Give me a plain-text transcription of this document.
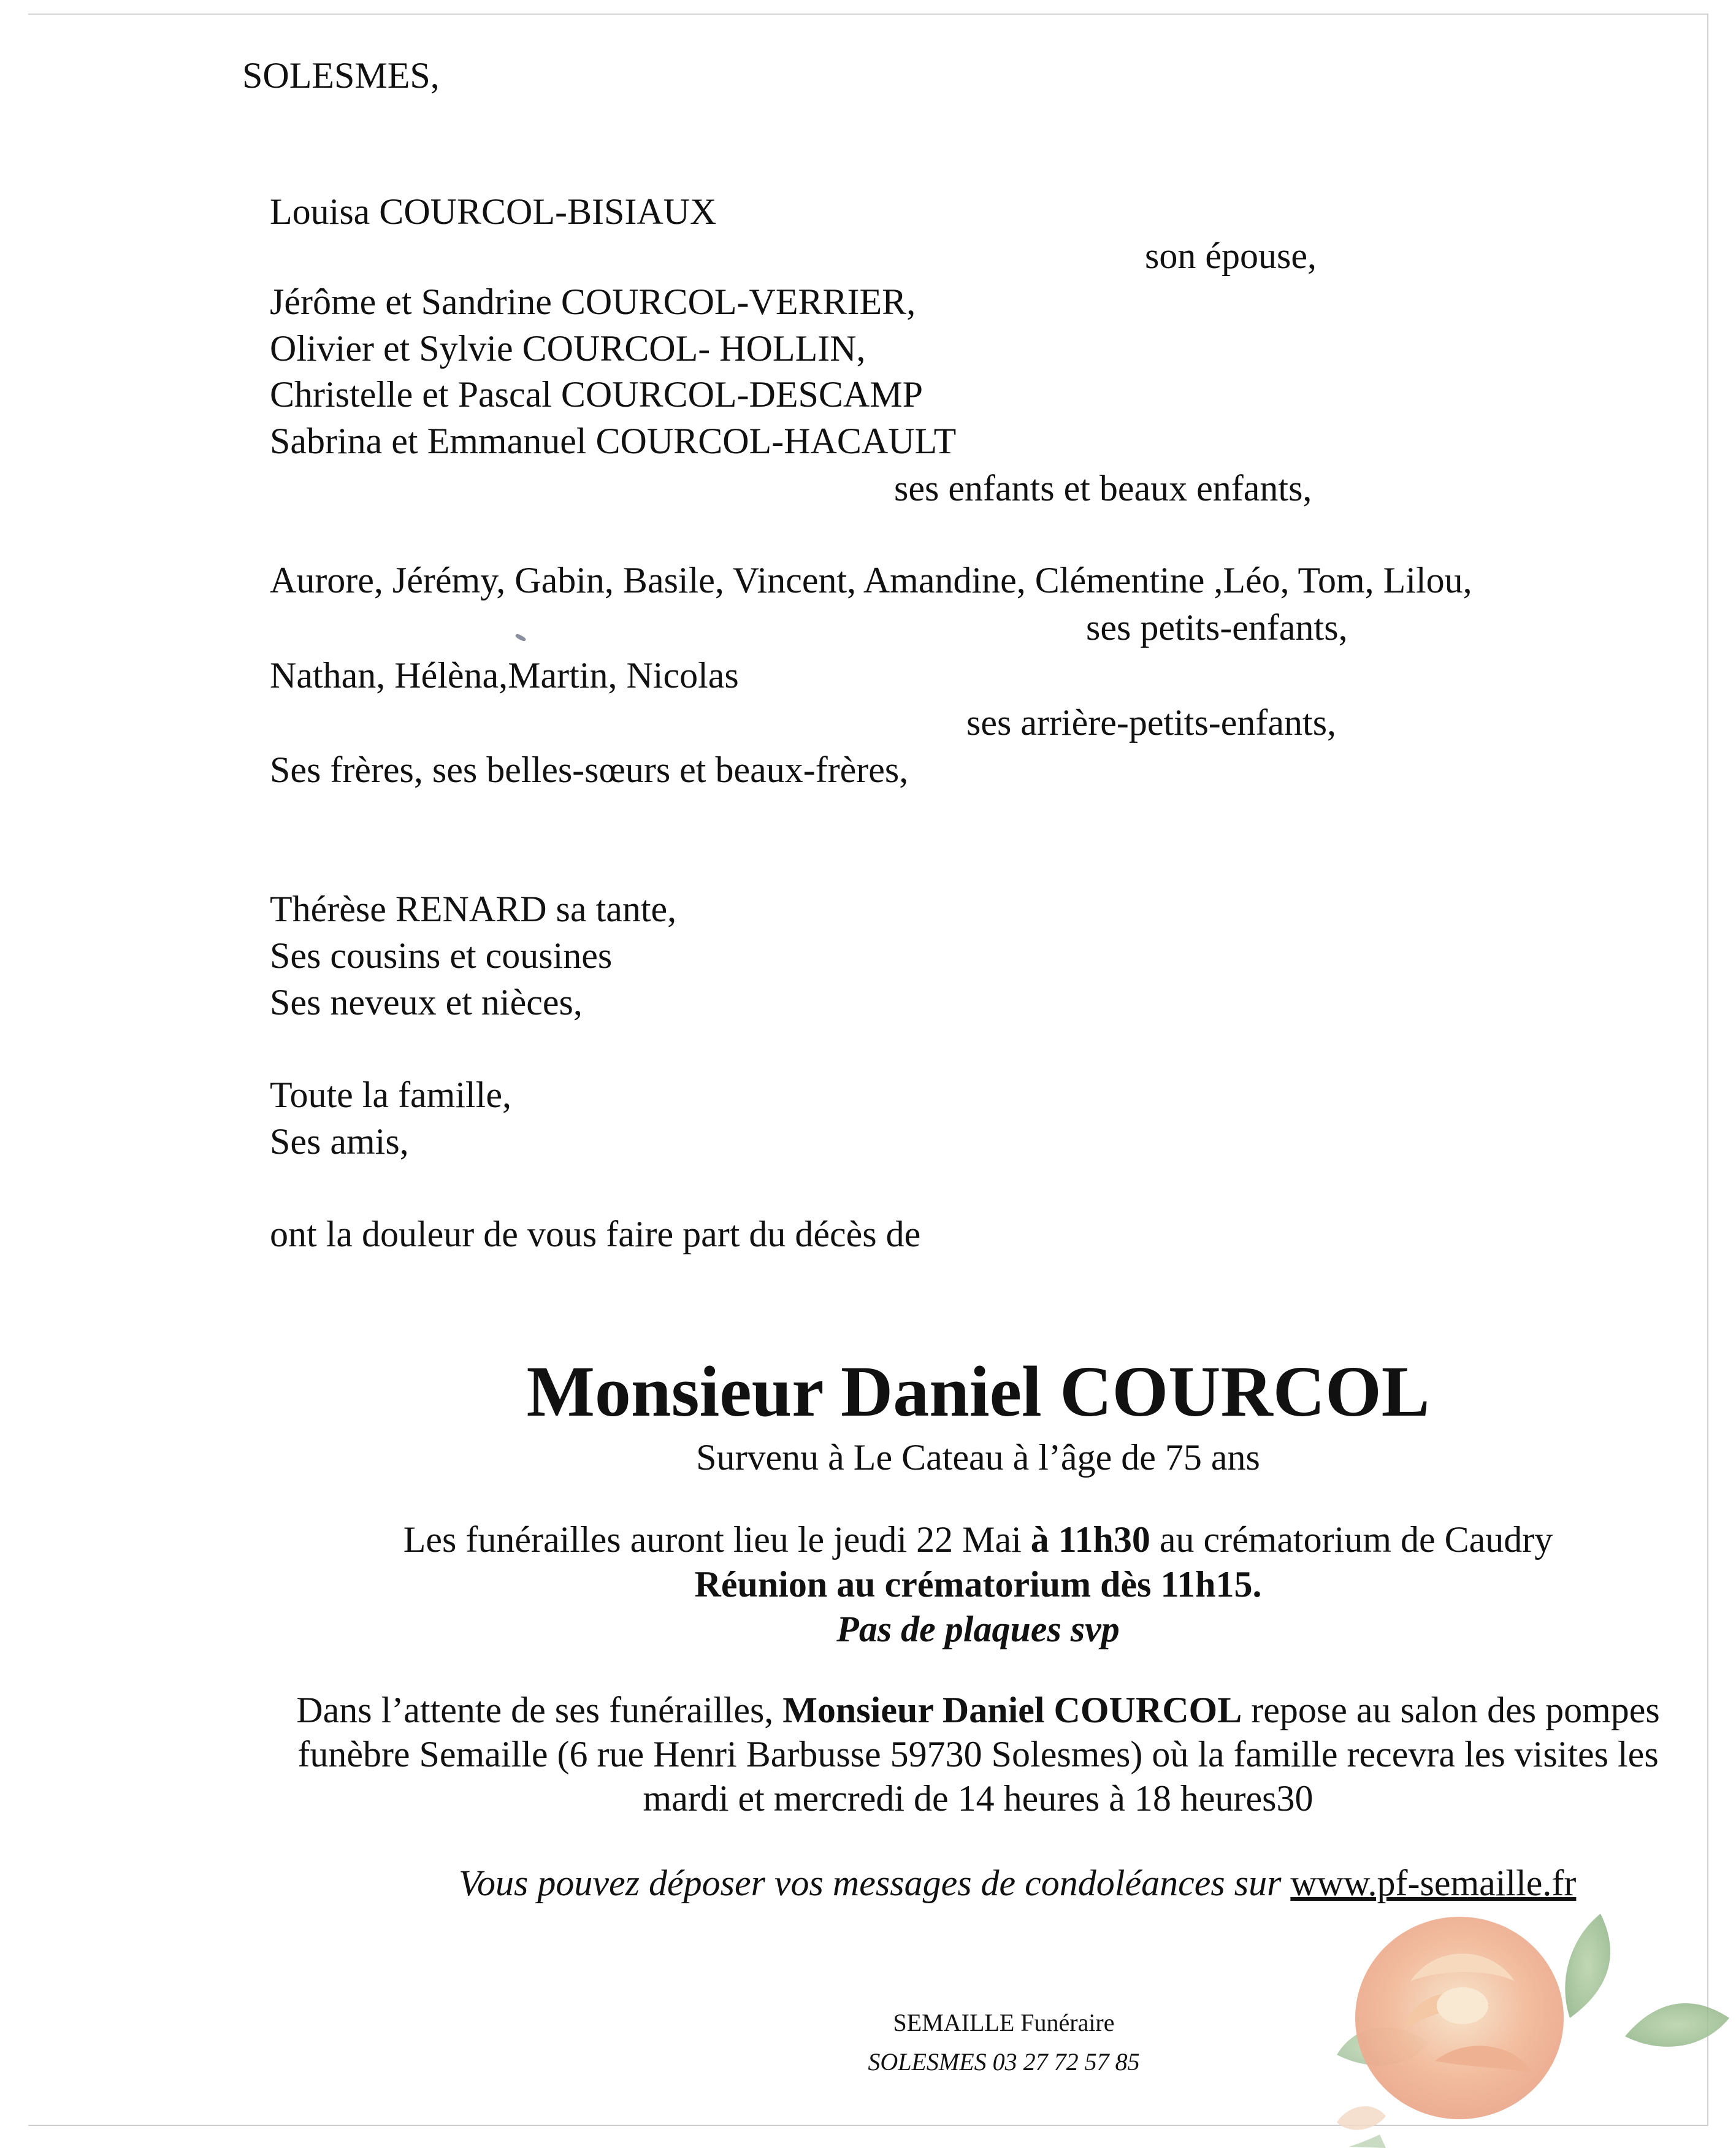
SOLESMES,
Louisa COURCOL-BISIAUX
son épouse,
Jérôme et Sandrine COURCOL-VERRIER,
Olivier et Sylvie COURCOL- HOLLIN,
Christelle et Pascal COURCOL-DESCAMP
Sabrina et Emmanuel COURCOL-HACAULT
ses enfants et beaux enfants,
Aurore, Jérémy, Gabin, Basile, Vincent, Amandine, Clémentine ,Léo, Tom, Lilou,
ses petits-enfants,
Nathan, Hélèna,Martin, Nicolas
ses arrière-petits-enfants,
Ses frères, ses belles-sœurs et beaux-frères,
Thérèse RENARD sa tante,
Ses cousins et cousines
Ses neveux et nièces,
Toute la famille,
Ses amis,
ont la douleur de vous faire part du décès de
Monsieur Daniel COURCOL
Survenu à Le Cateau à l’âge de 75 ans
Les funérailles auront lieu le jeudi 22 Mai à 11h30 au crématorium de Caudry
Réunion au crématorium dès 11h15.
Pas de plaques svp
Dans l’attente de ses funérailles, Monsieur Daniel COURCOL repose au salon des pompes
funèbre Semaille (6 rue Henri Barbusse 59730 Solesmes) où la famille recevra les visites les
mardi et mercredi de 14 heures à 18 heures30
Vous pouvez déposer vos messages de condoléances sur www.pf-semaille.fr
SEMAILLE Funéraire
SOLESMES 03 27 72 57 85
